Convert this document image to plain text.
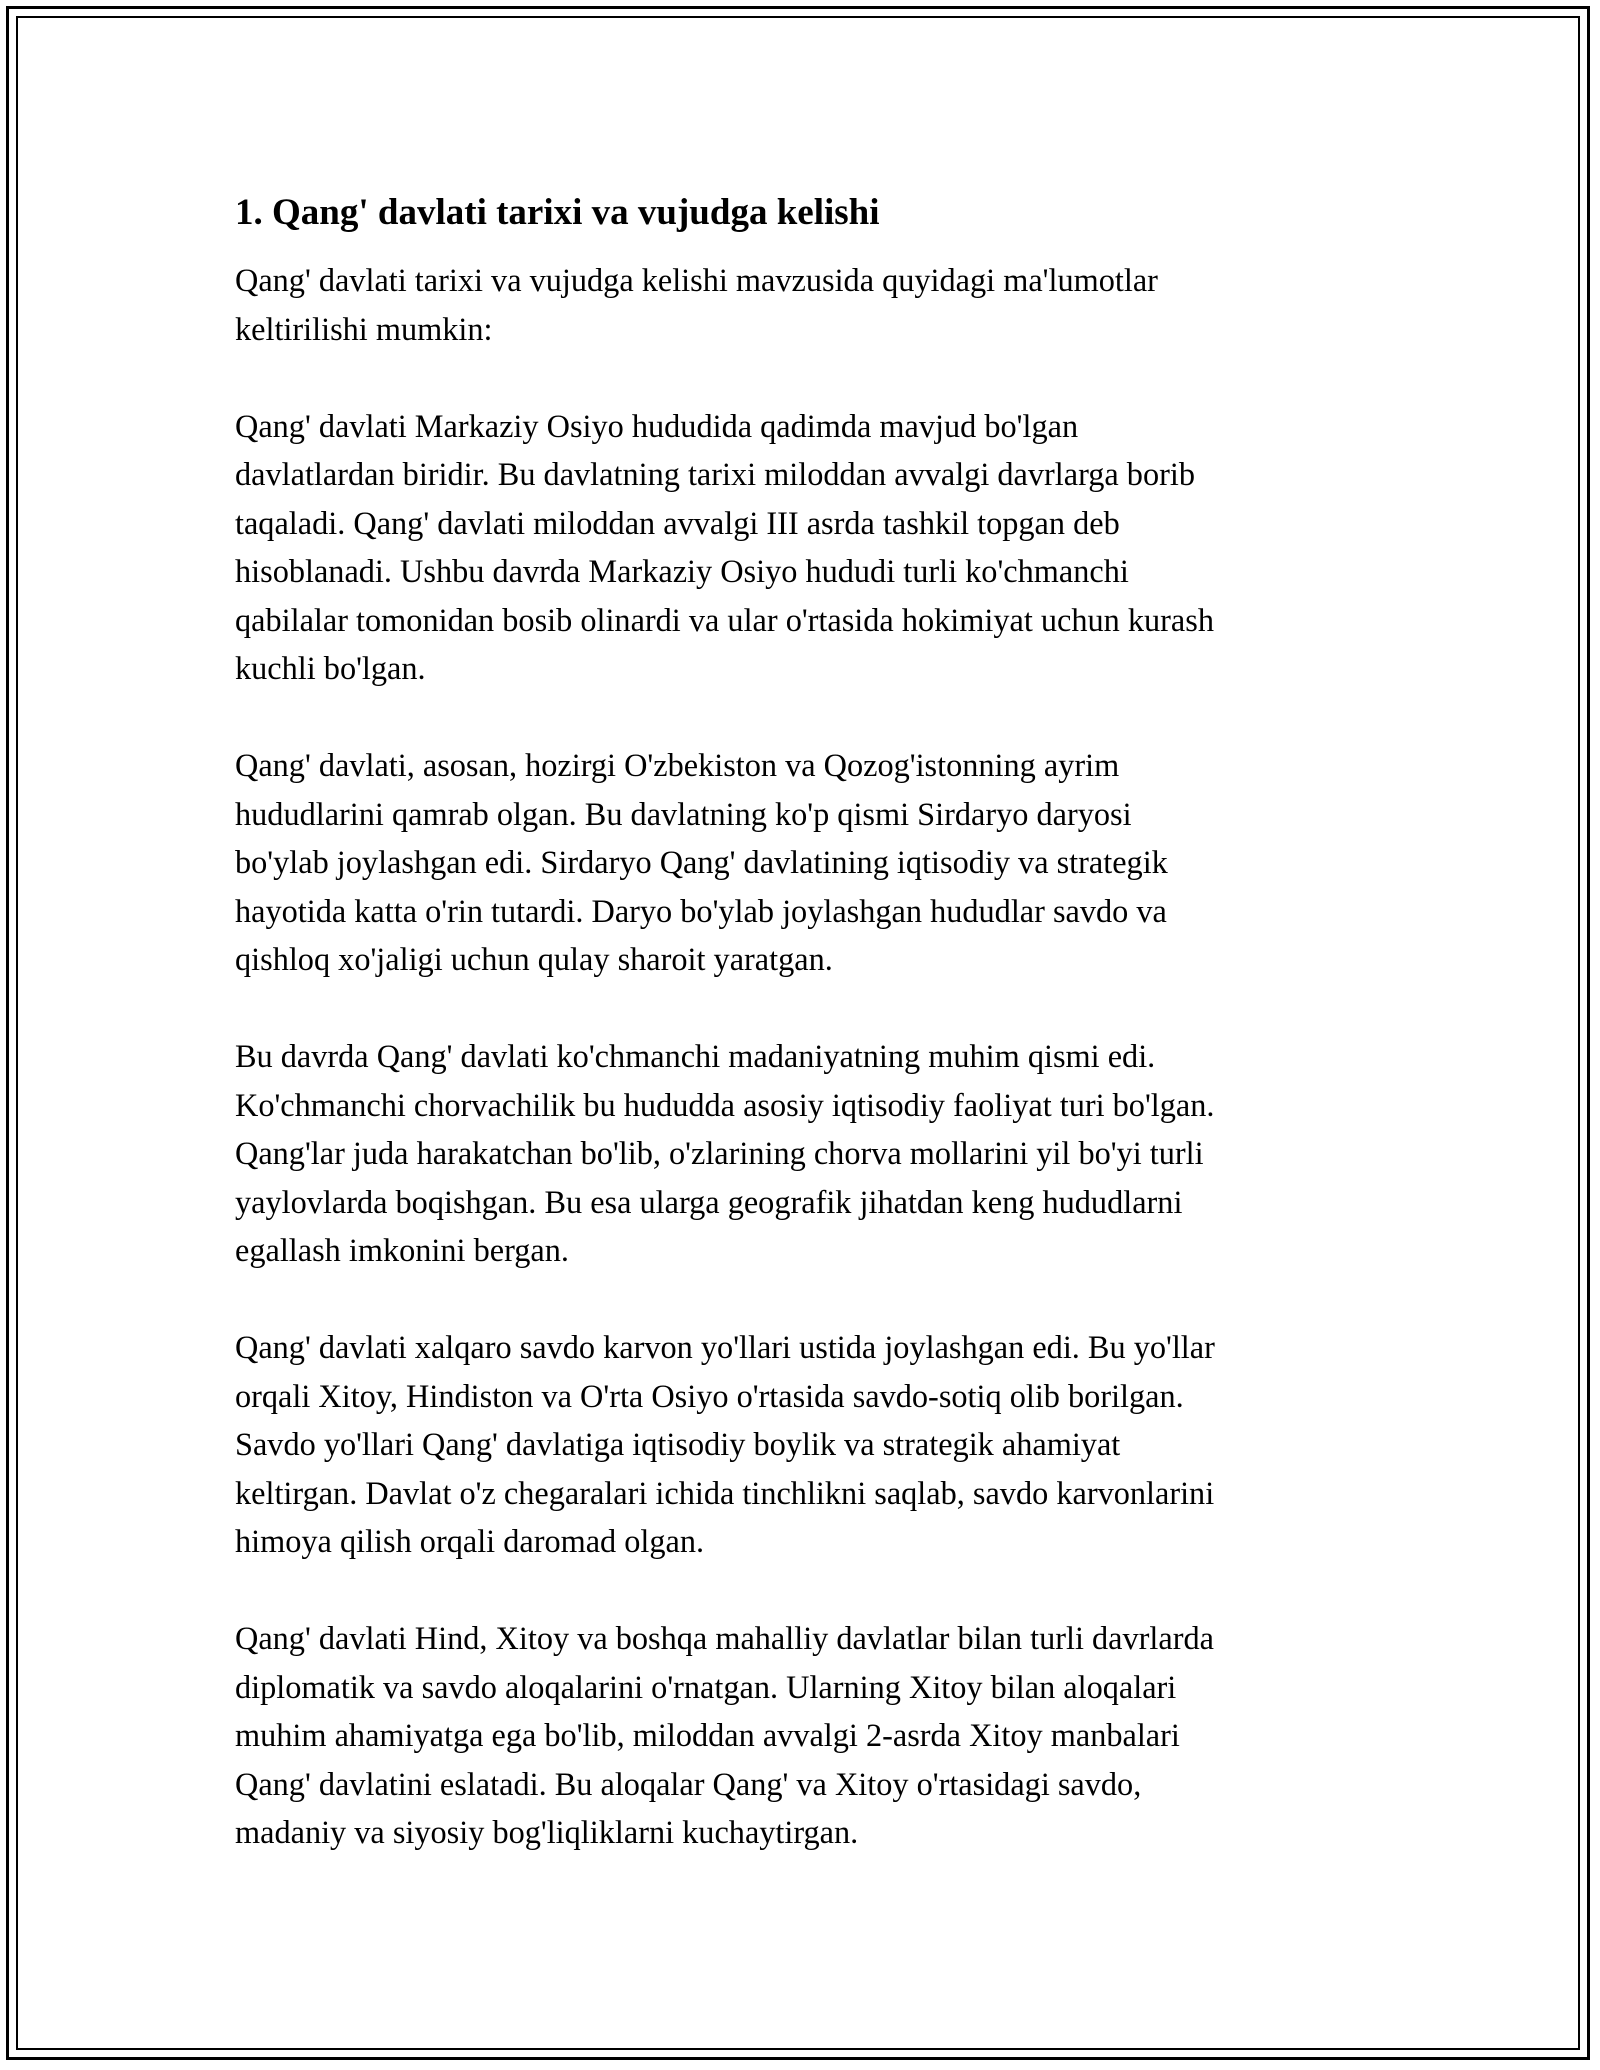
1. Qang' davlati tarixi va vujudga kelishi

Qang' davlati tarixi va vujudga kelishi mavzusida quyidagi ma'lumotlar
keltirilishi mumkin:

Qang' davlati Markaziy Osiyo hududida qadimda mavjud bo'lgan
davlatlardan biridir. Bu davlatning tarixi miloddan avvalgi davrlarga borib
taqaladi. Qang' davlati miloddan avvalgi III asrda tashkil topgan deb
hisoblanadi. Ushbu davrda Markaziy Osiyo hududi turli ko'chmanchi
qabilalar tomonidan bosib olinardi va ular o'rtasida hokimiyat uchun kurash
kuchli bo'lgan.

Qang' davlati, asosan, hozirgi O'zbekiston va Qozog'istonning ayrim
hududlarini qamrab olgan. Bu davlatning ko'p qismi Sirdaryo daryosi
bo'ylab joylashgan edi. Sirdaryo Qang' davlatining iqtisodiy va strategik
hayotida katta o'rin tutardi. Daryo bo'ylab joylashgan hududlar savdo va
qishloq xo'jaligi uchun qulay sharoit yaratgan.

Bu davrda Qang' davlati ko'chmanchi madaniyatning muhim qismi edi.
Ko'chmanchi chorvachilik bu hududda asosiy iqtisodiy faoliyat turi bo'lgan.
Qang'lar juda harakatchan bo'lib, o'zlarining chorva mollarini yil bo'yi turli
yaylovlarda boqishgan. Bu esa ularga geografik jihatdan keng hududlarni
egallash imkonini bergan.

Qang' davlati xalqaro savdo karvon yo'llari ustida joylashgan edi. Bu yo'llar
orqali Xitoy, Hindiston va O'rta Osiyo o'rtasida savdo-sotiq olib borilgan.
Savdo yo'llari Qang' davlatiga iqtisodiy boylik va strategik ahamiyat
keltirgan. Davlat o'z chegaralari ichida tinchlikni saqlab, savdo karvonlarini
himoya qilish orqali daromad olgan.

Qang' davlati Hind, Xitoy va boshqa mahalliy davlatlar bilan turli davrlarda
diplomatik va savdo aloqalarini o'rnatgan. Ularning Xitoy bilan aloqalari
muhim ahamiyatga ega bo'lib, miloddan avvalgi 2-asrda Xitoy manbalari
Qang' davlatini eslatadi. Bu aloqalar Qang' va Xitoy o'rtasidagi savdo,
madaniy va siyosiy bog'liqliklarni kuchaytirgan.
